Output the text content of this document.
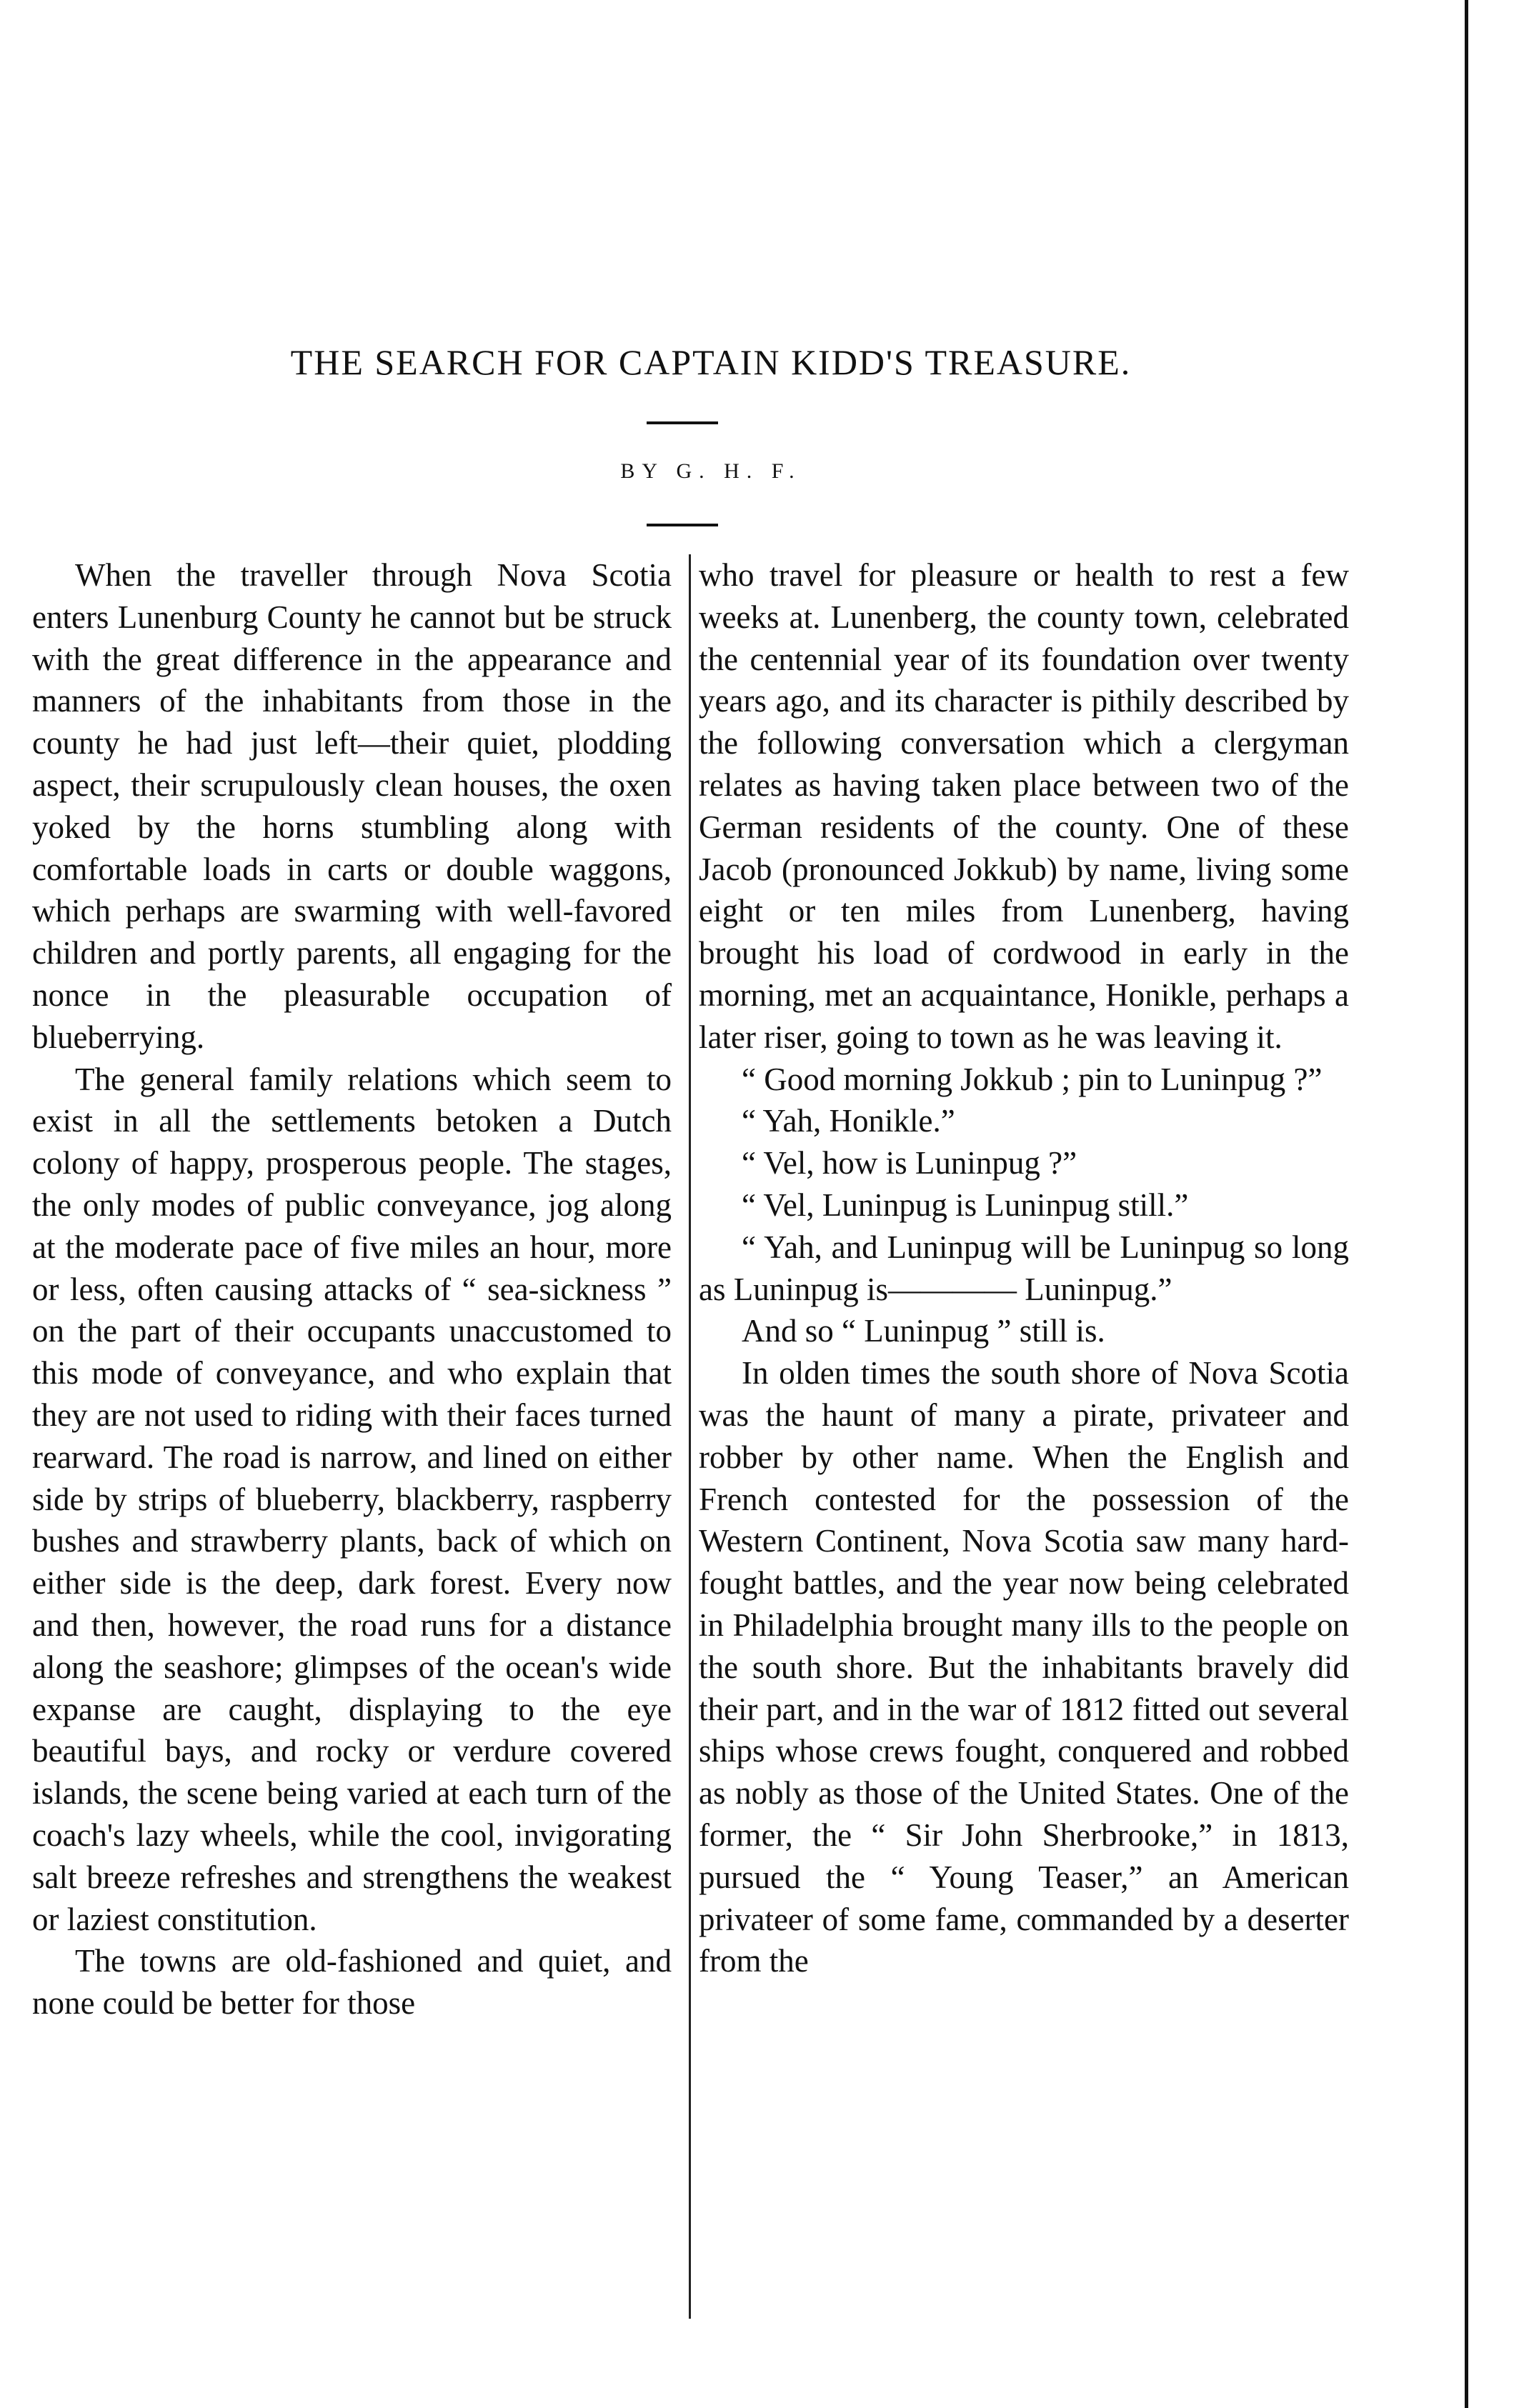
THE SEARCH FOR CAPTAIN KIDD'S TREASURE.
BY G. H. F.

When the traveller through Nova Scotia enters Lunenburg County he cannot but be struck with the great difference in the appearance and manners of the inhabitants from those in the county he had just left—their quiet, plodding aspect, their scrupulously clean houses, the oxen yoked by the horns stumbling along with comfortable loads in carts or double waggons, which perhaps are swarming with well-favored children and portly parents, all engaging for the nonce in the pleasurable occupation of blueberrying.

The general family relations which seem to exist in all the settlements betoken a Dutch colony of happy, prosperous people. The stages, the only modes of public conveyance, jog along at the moderate pace of five miles an hour, more or less, often causing attacks of “ sea-sickness ” on the part of their occupants unaccustomed to this mode of conveyance, and who explain that they are not used to riding with their faces turned rearward. The road is narrow, and lined on either side by strips of blueberry, blackberry, raspberry bushes and strawberry plants, back of which on either side is the deep, dark forest. Every now and then, however, the road runs for a distance along the seashore; glimpses of the ocean's wide expanse are caught, displaying to the eye beautiful bays, and rocky or verdure covered islands, the scene being varied at each turn of the coach's lazy wheels, while the cool, invigorating salt breeze refreshes and strengthens the weakest or laziest constitution.

The towns are old-fashioned and quiet, and none could be better for those

who travel for pleasure or health to rest a few weeks at. Lunenberg, the county town, celebrated the centennial year of its foundation over twenty years ago, and its character is pithily described by the following conversation which a clergyman relates as having taken place between two of the German residents of the county. One of these Jacob (pronounced Jokkub) by name, living some eight or ten miles from Lunenberg, having brought his load of cordwood in early in the morning, met an acquaintance, Honikle, perhaps a later riser, going to town as he was leaving it.

“ Good morning Jokkub ; pin to Luninpug ?”

“ Yah, Honikle.”

“ Vel, how is Luninpug ?”

“ Vel, Luninpug is Luninpug still.”

“ Yah, and Luninpug will be Luninpug so long as Luninpug is———— Luninpug.”

And so “ Luninpug ” still is.

In olden times the south shore of Nova Scotia was the haunt of many a pirate, privateer and robber by other name. When the English and French contested for the possession of the Western Continent, Nova Scotia saw many hard-fought battles, and the year now being celebrated in Philadelphia brought many ills to the people on the south shore. But the inhabitants bravely did their part, and in the war of 1812 fitted out several ships whose crews fought, conquered and robbed as nobly as those of the United States. One of the former, the “ Sir John Sherbrooke,” in 1813, pursued the “ Young Teaser,” an American privateer of some fame, commanded by a deserter from the
